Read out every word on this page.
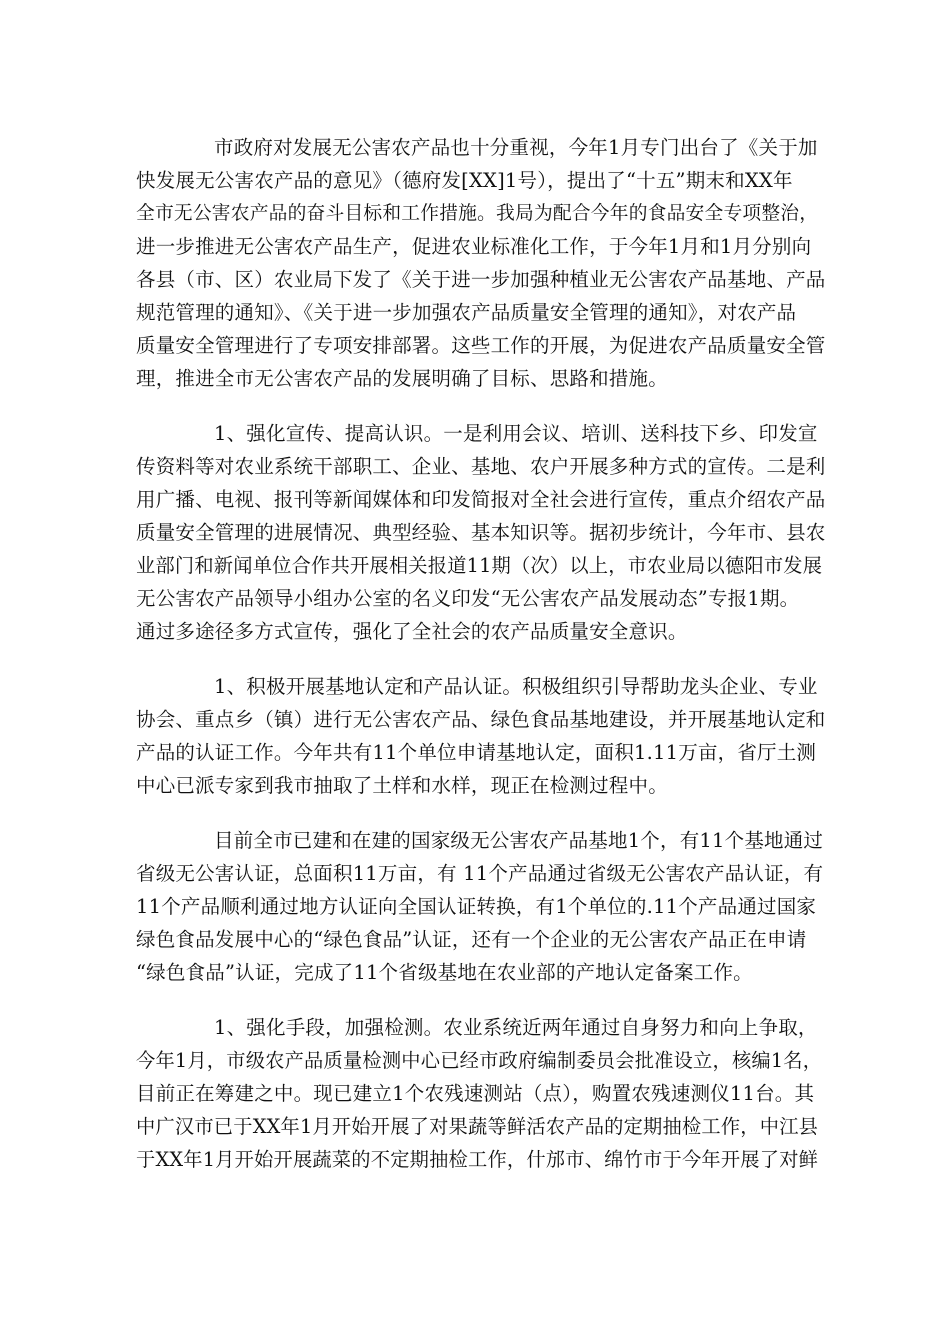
市政府对发展无公害农产品也十分重视，今年1月专门出台了《关于加
快发展无公害农产品的意见》（德府发[XX]1号），提出了“十五”期末和XX年
全市无公害农产品的奋斗目标和工作措施。我局为配合今年的食品安全专项整治，
进一步推进无公害农产品生产，促进农业标准化工作，于今年1月和1月分别向
各县（市、区）农业局下发了《关于进一步加强种植业无公害农产品基地、产品
规范管理的通知》、《关于进一步加强农产品质量安全管理的通知》，对农产品
质量安全管理进行了专项安排部署。这些工作的开展，为促进农产品质量安全管
理，推进全市无公害农产品的发展明确了目标、思路和措施。

1、强化宣传、提高认识。一是利用会议、培训、送科技下乡、印发宣
传资料等对农业系统干部职工、企业、基地、农户开展多种方式的宣传。二是利
用广播、电视、报刊等新闻媒体和印发简报对全社会进行宣传，重点介绍农产品
质量安全管理的进展情况、典型经验、基本知识等。据初步统计，今年市、县农
业部门和新闻单位合作共开展相关报道11期（次）以上，市农业局以德阳市发展
无公害农产品领导小组办公室的名义印发“无公害农产品发展动态”专报1期。
通过多途径多方式宣传，强化了全社会的农产品质量安全意识。

1、积极开展基地认定和产品认证。积极组织引导帮助龙头企业、专业
协会、重点乡（镇）进行无公害农产品、绿色食品基地建设，并开展基地认定和
产品的认证工作。今年共有11个单位申请基地认定，面积1.11万亩，省厅土测
中心已派专家到我市抽取了土样和水样，现正在检测过程中。

目前全市已建和在建的国家级无公害农产品基地1个，有11个基地通过
省级无公害认证，总面积11万亩，有 11个产品通过省级无公害农产品认证，有
11个产品顺利通过地方认证向全国认证转换，有1个单位的.11个产品通过国家
绿色食品发展中心的“绿色食品”认证，还有一个企业的无公害农产品正在申请
“绿色食品”认证，完成了11个省级基地在农业部的产地认定备案工作。

1、强化手段，加强检测。农业系统近两年通过自身努力和向上争取，
今年1月，市级农产品质量检测中心已经市政府编制委员会批准设立，核编1名，
目前正在筹建之中。现已建立1个农残速测站（点），购置农残速测仪11台。其
中广汉市已于XX年1月开始开展了对果蔬等鲜活农产品的定期抽检工作，中江县
于XX年1月开始开展蔬菜的不定期抽检工作，什邡市、绵竹市于今年开展了对鲜
